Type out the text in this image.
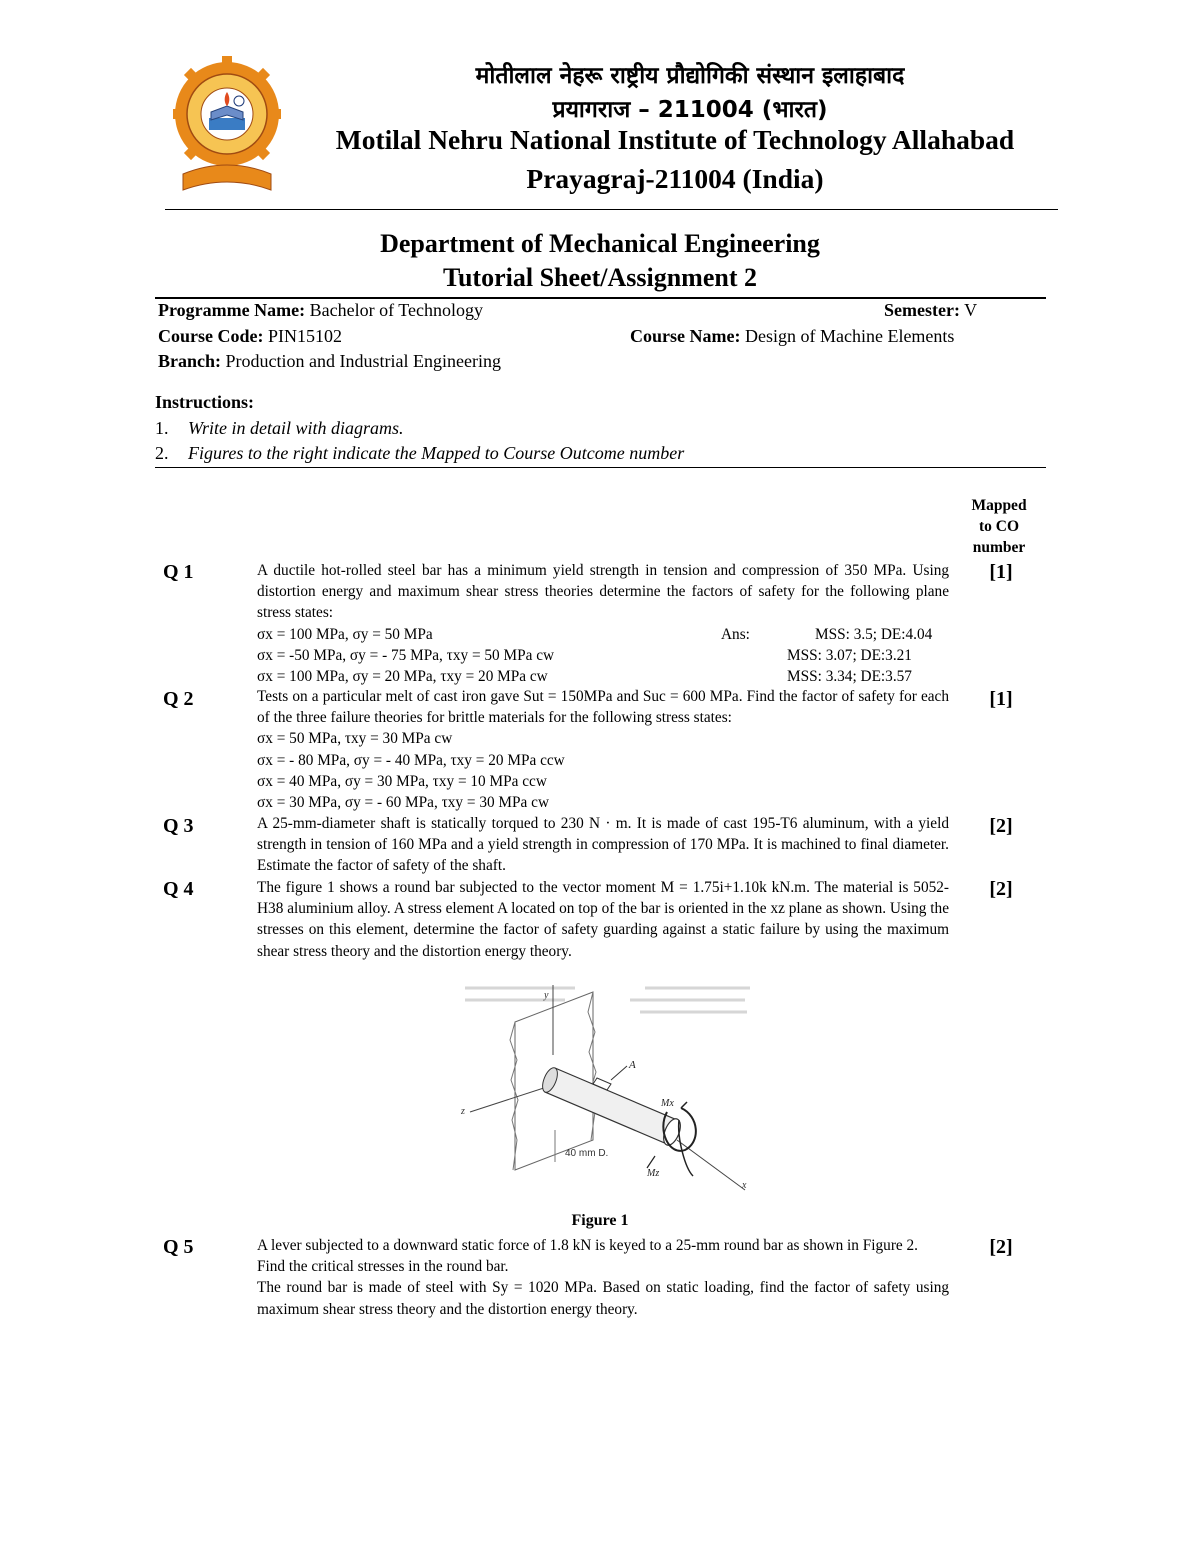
मोतीलाल नेहरू राष्ट्रीय प्रौद्योगिकी संस्थान इलाहाबाद
प्रयागराज – 211004 (भारत)
Motilal Nehru National Institute of Technology Allahabad
Prayagraj-211004 (India)
Department of Mechanical Engineering
Tutorial Sheet/Assignment 2
Programme Name: Bachelor of Technology	Semester: V
Course Code: PIN15102	Course Name: Design of Machine Elements
Branch: Production and Industrial Engineering
Instructions:
1. Write in detail with diagrams.
2. Figures to the right indicate the Mapped to Course Outcome number
Mapped
to CO
number
Q 1	[1]

A ductile hot-rolled steel bar has a minimum yield strength in tension and compression of 350 MPa. Using distortion energy and maximum shear stress theories determine the factors of safety for the following plane stress states:

σx = 100 MPa, σy = 50 MPa	Ans:	MSS: 3.5; DE:4.04
σx = -50 MPa, σy = - 75 MPa, τxy = 50 MPa cw	MSS: 3.07; DE:3.21
σx = 100 MPa, σy = 20 MPa, τxy = 20 MPa cw	MSS: 3.34; DE:3.57
Q 2	[1]

Tests on a particular melt of cast iron gave Sut = 150MPa and Suc = 600 MPa. Find the factor of safety for each of the three failure theories for brittle materials for the following stress states:

σx = 50 MPa, τxy = 30 MPa cw

σx = - 80 MPa, σy = - 40 MPa, τxy = 20 MPa ccw

σx = 40 MPa, σy = 30 MPa, τxy = 10 MPa ccw

σx = 30 MPa, σy = - 60 MPa, τxy = 30 MPa cw

Q 3	[2]
A 25-mm-diameter shaft is statically torqued to 230 N · m. It is made of cast 195-T6 aluminum, with a yield strength in tension of 160 MPa and a yield strength in compression of 170 MPa. It is machined to final diameter. Estimate the factor of safety of the shaft.
Q 4	[2]
The figure 1 shows a round bar subjected to the vector moment M = 1.75i+1.10k kN.m. The material is 5052-H38 aluminium alloy. A stress element A located on top of the bar is oriented in the xz plane as shown. Using the stresses on this element, determine the factor of safety guarding against a static failure by using the maximum shear stress theory and the distortion energy theory.
y
z
A
x
Mx
Mz
40 mm D.
Figure 1
Q 5	[2]

A lever subjected to a downward static force of 1.8 kN is keyed to a 25-mm round bar as shown in Figure 2.

Find the critical stresses in the round bar.

The round bar is made of steel with Sy = 1020 MPa. Based on static loading, find the factor of safety using maximum shear stress theory and the distortion energy theory.
